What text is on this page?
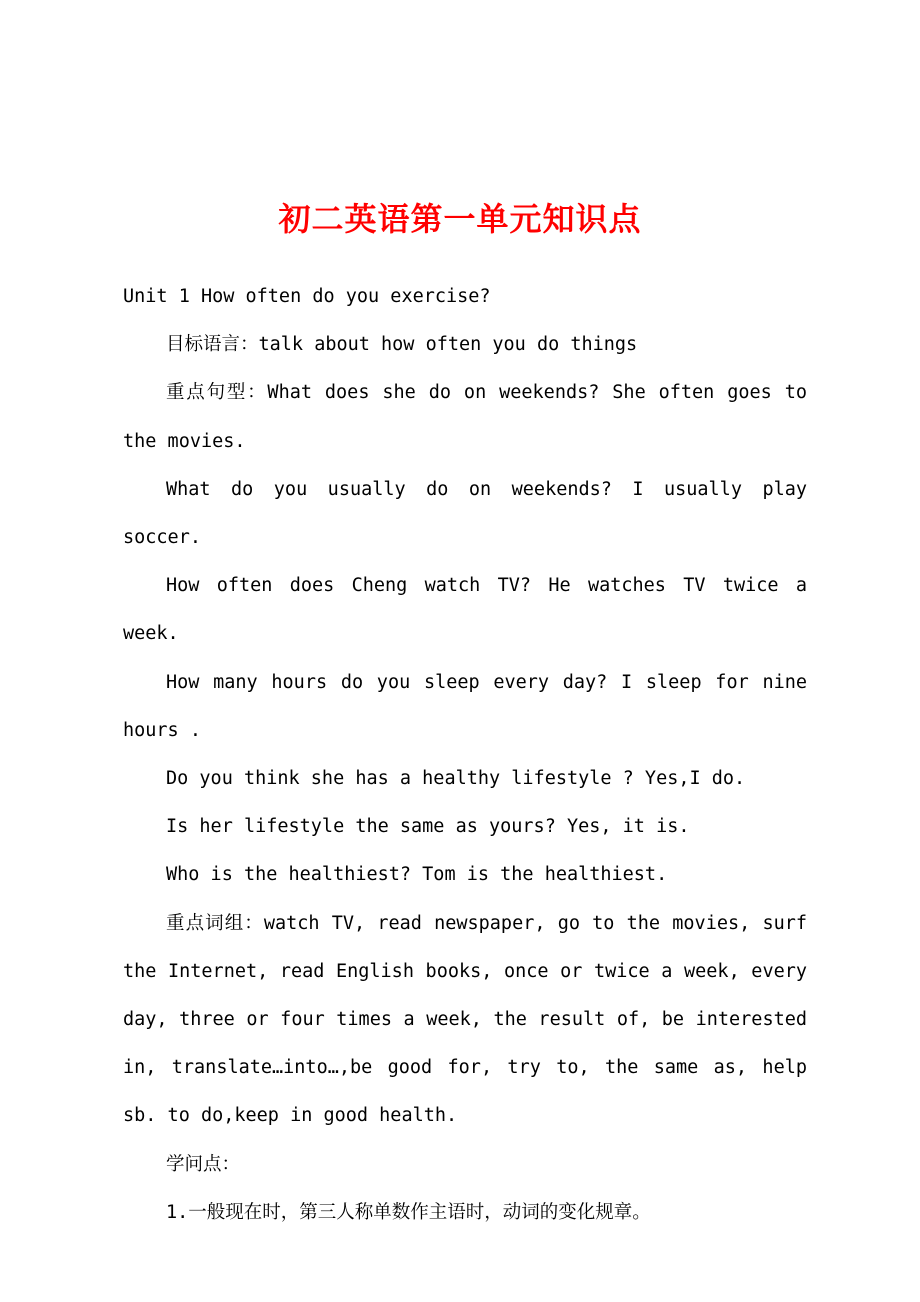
初二英语第一单元知识点

Unit 1 How often do you exercise?

目标语言：talk about how often you do things

重点句型：What does she do on weekends? She often goes to the movies.

What do you usually do on weekends? I usually play soccer.

How often does Cheng watch TV? He watches TV twice a week.

How many hours do you sleep every day? I sleep for nine hours .

Do you think she has a healthy lifestyle ? Yes,I do.

Is her lifestyle the same as yours? Yes, it is.

Who is the healthiest? Tom is the healthiest.

重点词组：watch TV, read newspaper, go to the movies, surf the Internet, read English books, once or twice a week, every day, three or four times a week, the result of, be interested in, translate…into…,be good for, try to, the same as, help sb. to do,keep in good health.

学问点：

1.一般现在时，第三人称单数作主语时，动词的变化规章。
